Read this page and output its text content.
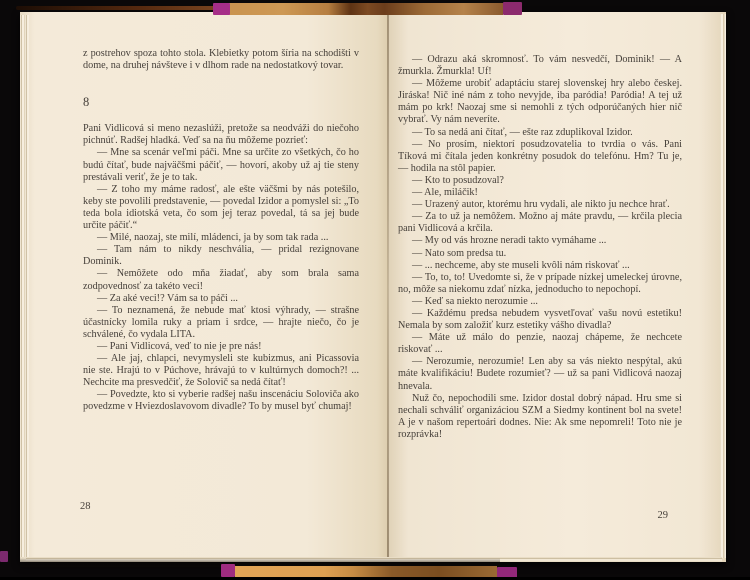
z postrehov spoza tohto stola. Klebietky potom šíria na schodišti v dome, na druhej návšteve i v dlhom rade na nedostatkový tovar.

8

Pani Vidlicová si meno nezaslúži, pretože sa neodváži do niečoho pichnúť. Radšej hladká. Veď sa na ňu môžeme pozrieť:

— Mne sa scenár veľmi páči. Mne sa určite zo všetkých, čo ho budú čítať, bude najväčšmi páčiť, — hovorí, akoby už aj tie steny prestávali veriť, že je to tak.

— Z toho my máme radosť, ale ešte väčšmi by nás potešilo, keby ste povolili predstavenie, — povedal Izidor a pomyslel si: „To teda bola idiotská veta, čo som jej teraz povedal, tá sa jej bude určite páčiť.“

— Milé, naozaj, ste milí, mládenci, ja by som tak rada ...

— Tam nám to nikdy neschvália, — pridal rezignovane Dominik.

— Nemôžete odo mňa žiadať, aby som brala sama zodpovednosť za takéto veci!

— Za aké veci!? Vám sa to páči ...

— To neznamená, že nebude mať ktosi výhrady, — strašne účastnícky lomila ruky a priam i srdce, — hrajte niečo, čo je schválené, čo vydala LITA.

— Pani Vidlicová, veď to nie je pre nás!

— Ale jaj, chlapci, nevymysleli ste kubizmus, ani Picassovia nie ste. Hrajú to v Púchove, hrávajú to v kultúrnych domoch?! ... Nechcite ma presvedčiť, že Solovič sa nedá čítať!

— Povedzte, kto si vyberie radšej našu inscenáciu Soloviča ako povedzme v Hviezdoslavovom divadle? To by musel byť chumaj!

— Odrazu aká skromnosť. To vám nesvedčí, Dominik! — A žmurkla. Žmurkla! Uf!

— Môžeme urobiť adaptáciu starej slovenskej hry alebo českej. Jiráska! Nič iné nám z toho nevyjde, iba paródia! Paródia! A tej už mám po krk! Naozaj sme si nemohli z tých odporúčaných hier nič vybrať. Vy nám neveríte.

— To sa nedá ani čítať, — ešte raz zduplikoval Izidor.

— No prosím, niektorí posudzovatelia to tvrdia o vás. Pani Tíková mi čítala jeden konkrétny posudok do telefónu. Hm? Tu je, — hodila na stôl papier.

— Kto to posudzoval?

— Ale, miláčik!

— Urazený autor, ktorému hru vydali, ale nikto ju nechce hrať.

— Za to už ja nemôžem. Možno aj máte pravdu, — krčila plecia pani Vidlicová a krčila.

— My od vás hrozne neradi takto vymáhame ...

— Nato som predsa tu.

— ... nechceme, aby ste museli kvôli nám riskovať ...

— To, to, to! Uvedomte si, že v prípade nízkej umeleckej úrovne, no, môže sa niekomu zdať nízka, jednoducho to nepochopí.

— Keď sa niekto nerozumie ...

— Každému predsa nebudem vysvetľovať vašu novú estetiku! Nemala by som založiť kurz estetiky vášho divadla?

— Máte už málo do penzie, naozaj chápeme, že nechcete riskovať ...

— Nerozumie, nerozumie! Len aby sa vás niekto nespýtal, akú máte kvalifikáciu! Budete rozumieť? — už sa pani Vidlicová naozaj hnevala.

Nuž čo, nepochodili sme. Izidor dostal dobrý nápad. Hru sme si nechali schváliť organizáciou SZM a Siedmy kontinent bol na svete! A je v našom repertoári dodnes. Nie: Ak sme nepomreli! Toto nie je rozprávka!

28
29
